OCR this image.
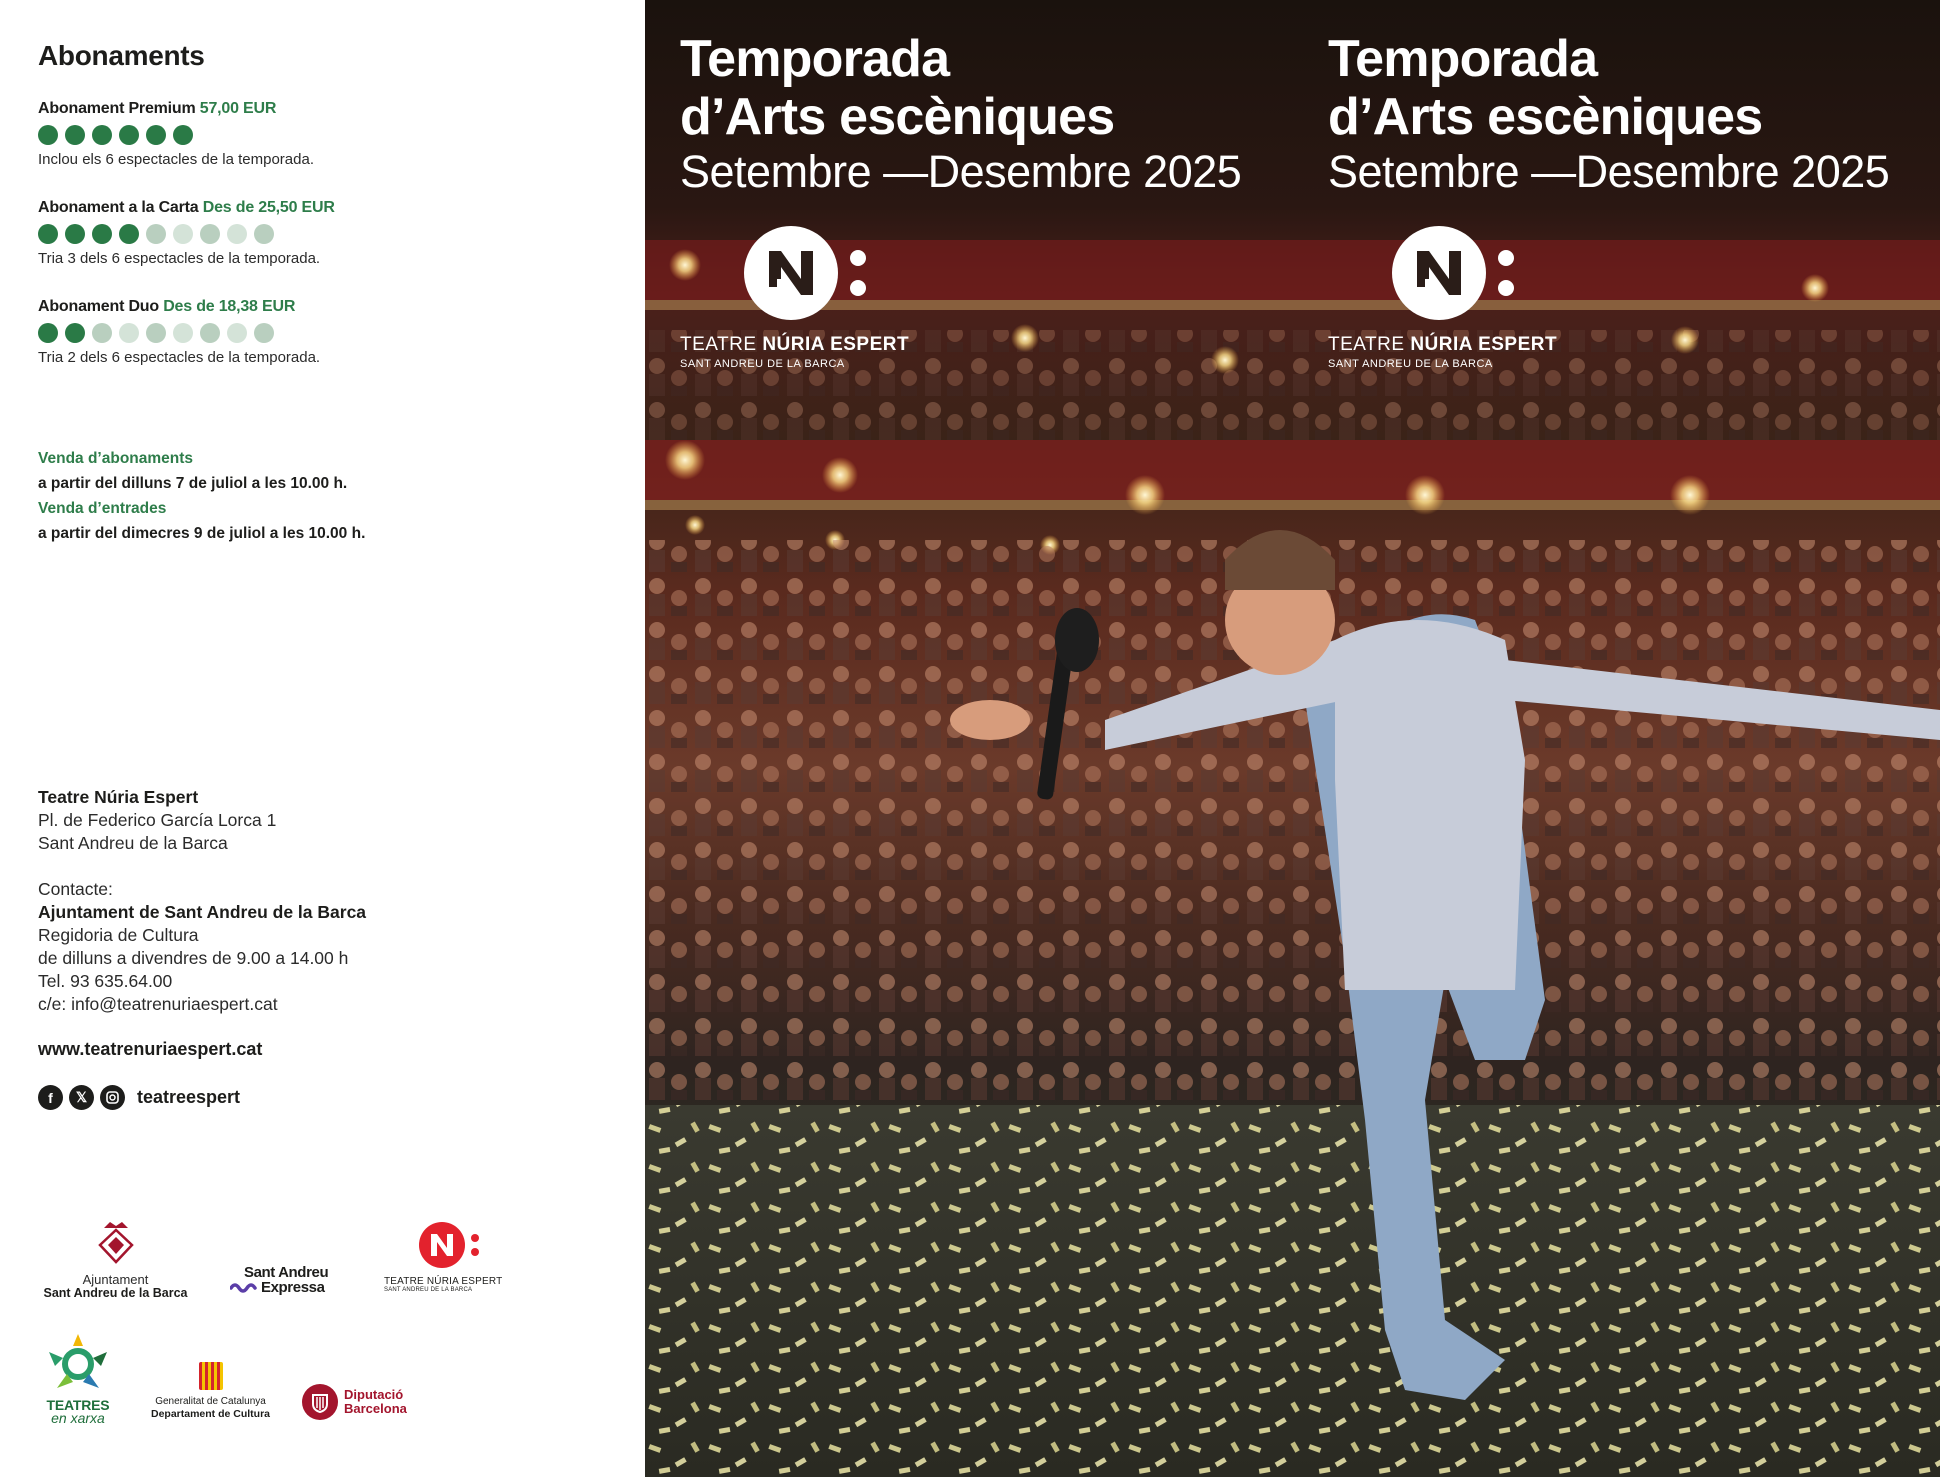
Abonaments
Abonament Premium 57,00 EUR
Inclou els 6 espectacles de la temporada.
Abonament a la Carta Des de 25,50 EUR
Tria 3 dels 6 espectacles de la temporada.
Abonament Duo Des de 18,38 EUR
Tria 2 dels 6 espectacles de la temporada.
Venda d’abonaments
a partir del dilluns 7 de juliol a les 10.00 h.
Venda d’entrades
a partir del dimecres 9 de juliol a les 10.00 h.
Teatre Núria Espert
Pl. de Federico García Lorca 1
Sant Andreu de la Barca
Contacte:
Ajuntament de Sant Andreu de la Barca
Regidoria de Cultura
de dilluns a divendres de 9.00 a 14.00 h
Tel. 93 635.64.00
c/e: info@teatrenuriaespert.cat
www.teatrenuriaespert.cat
f	𝕏	teatreespert
Ajuntament
Sant Andreu de la Barca
Sant Andreu
Expressa	TEATRE NÚRIA ESPERT
SANT ANDREU DE LA BARCA
TEATRES
en xarxa
Generalitat de Catalunya
Departament de Cultura
Diputació
Barcelona
Temporada
d’Arts escèniques
Setembre —Desembre 2025
Temporada
d’Arts escèniques
Setembre —Desembre 2025
TEATRE NÚRIA ESPERT
SANT ANDREU DE LA BARCA
TEATRE NÚRIA ESPERT
SANT ANDREU DE LA BARCA
